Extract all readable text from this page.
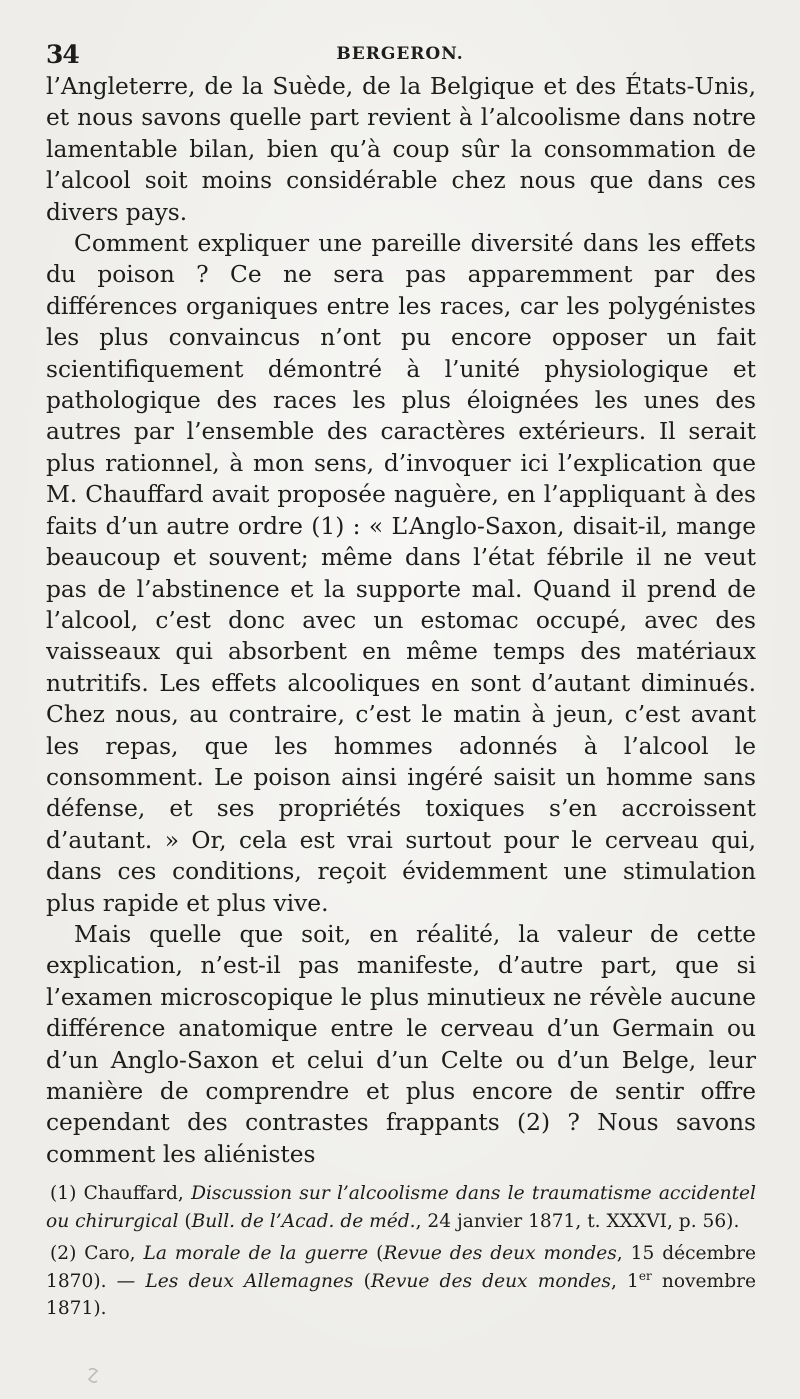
34	BERGERON.

l’Angleterre, de la Suède, de la Belgique et des États-Unis, et nous savons quelle part revient à l’alcoolisme dans notre lamentable bilan, bien qu’à coup sûr la consommation de l’alcool soit moins considérable chez nous que dans ces divers pays.

Comment expliquer une pareille diversité dans les effets du poison ? Ce ne sera pas apparemment par des différences organiques entre les races, car les polygénistes les plus convaincus n’ont pu encore opposer un fait scientifiquement démontré à l’unité physiologique et pathologique des races les plus éloignées les unes des autres par l’ensemble des caractères extérieurs. Il serait plus rationnel, à mon sens, d’invoquer ici l’explication que M. Chauffard avait proposée naguère, en l’appliquant à des faits d’un autre ordre (1) : « L’Anglo-Saxon, disait-il, mange beaucoup et souvent; même dans l’état fébrile il ne veut pas de l’abstinence et la supporte mal. Quand il prend de l’alcool, c’est donc avec un estomac occupé, avec des vaisseaux qui absorbent en même temps des matériaux nutritifs. Les effets alcooliques en sont d’autant diminués. Chez nous, au contraire, c’est le matin à jeun, c’est avant les repas, que les hommes adonnés à l’alcool le consomment. Le poison ainsi ingéré saisit un homme sans défense, et ses propriétés toxiques s’en accroissent d’autant. » Or, cela est vrai surtout pour le cerveau qui, dans ces conditions, reçoit évidemment une stimulation plus rapide et plus vive.

Mais quelle que soit, en réalité, la valeur de cette explication, n’est-il pas manifeste, d’autre part, que si l’examen microscopique le plus minutieux ne révèle aucune différence anatomique entre le cerveau d’un Germain ou d’un Anglo-Saxon et celui d’un Celte ou d’un Belge, leur manière de comprendre et plus encore de sentir offre cependant des contrastes frappants (2) ? Nous savons comment les aliénistes

(1) Chauffard, Discussion sur l’alcoolisme dans le traumatisme accidentel ou chirurgical (Bull. de l’Acad. de méd., 24 janvier 1871, t. XXXVI, p. 56).

(2) Caro, La morale de la guerre (Revue des deux mondes, 15 décembre 1870). — Les deux Allemagnes (Revue des deux mondes, 1er novembre 1871).
